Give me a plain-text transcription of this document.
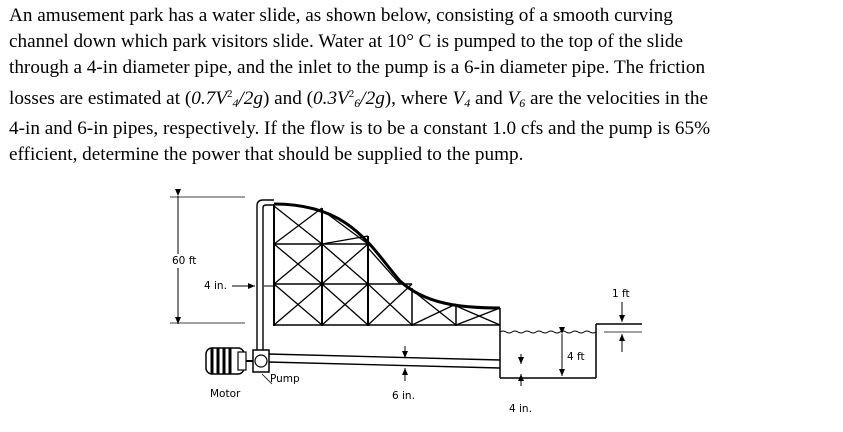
An amusement park has a water slide, as shown below, consisting of a smooth curving
channel down which park visitors slide. Water at 10° C is pumped to the top of the slide
through a 4-in diameter pipe, and the inlet to the pump is a 6-in diameter pipe. The friction
losses are estimated at $(0.7V^2_4/2g)$ and $(0.3V^2_6/2g)$, where $V_4$ and $V_6$ are the velocities in the
4-in and 6-in pipes, respectively. If the flow is to be a constant 1.0 cfs and the pump is 65%
efficient, determine the power that should be supplied to the pump.

60 ft
4 in.
4 ft
1 ft
6 in.
4 in.
Motor
Pump
